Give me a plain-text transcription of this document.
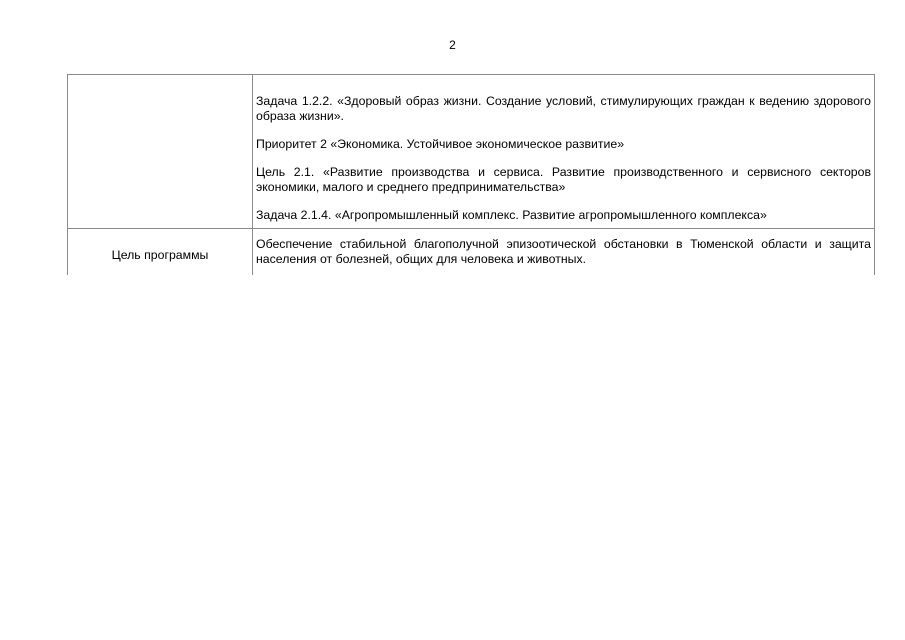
2

	Задача 1.2.2. «Здоровый образ жизни. Создание условий, стимулирующих граждан к ведению здорового образа жизни».

Приоритет 2 «Экономика. Устойчивое экономическое развитие»

Цель 2.1. «Развитие производства и сервиса. Развитие производственного и сервисного секторов экономики, малого и среднего предпринимательства»

Задача 2.1.4. «Агропромышленный комплекс. Развитие агропромышленного комплекса»

Цель программы	Обеспечение стабильной благополучной эпизоотической обстановки в Тюменской области и защита населения от болезней, общих для человека и животных.
